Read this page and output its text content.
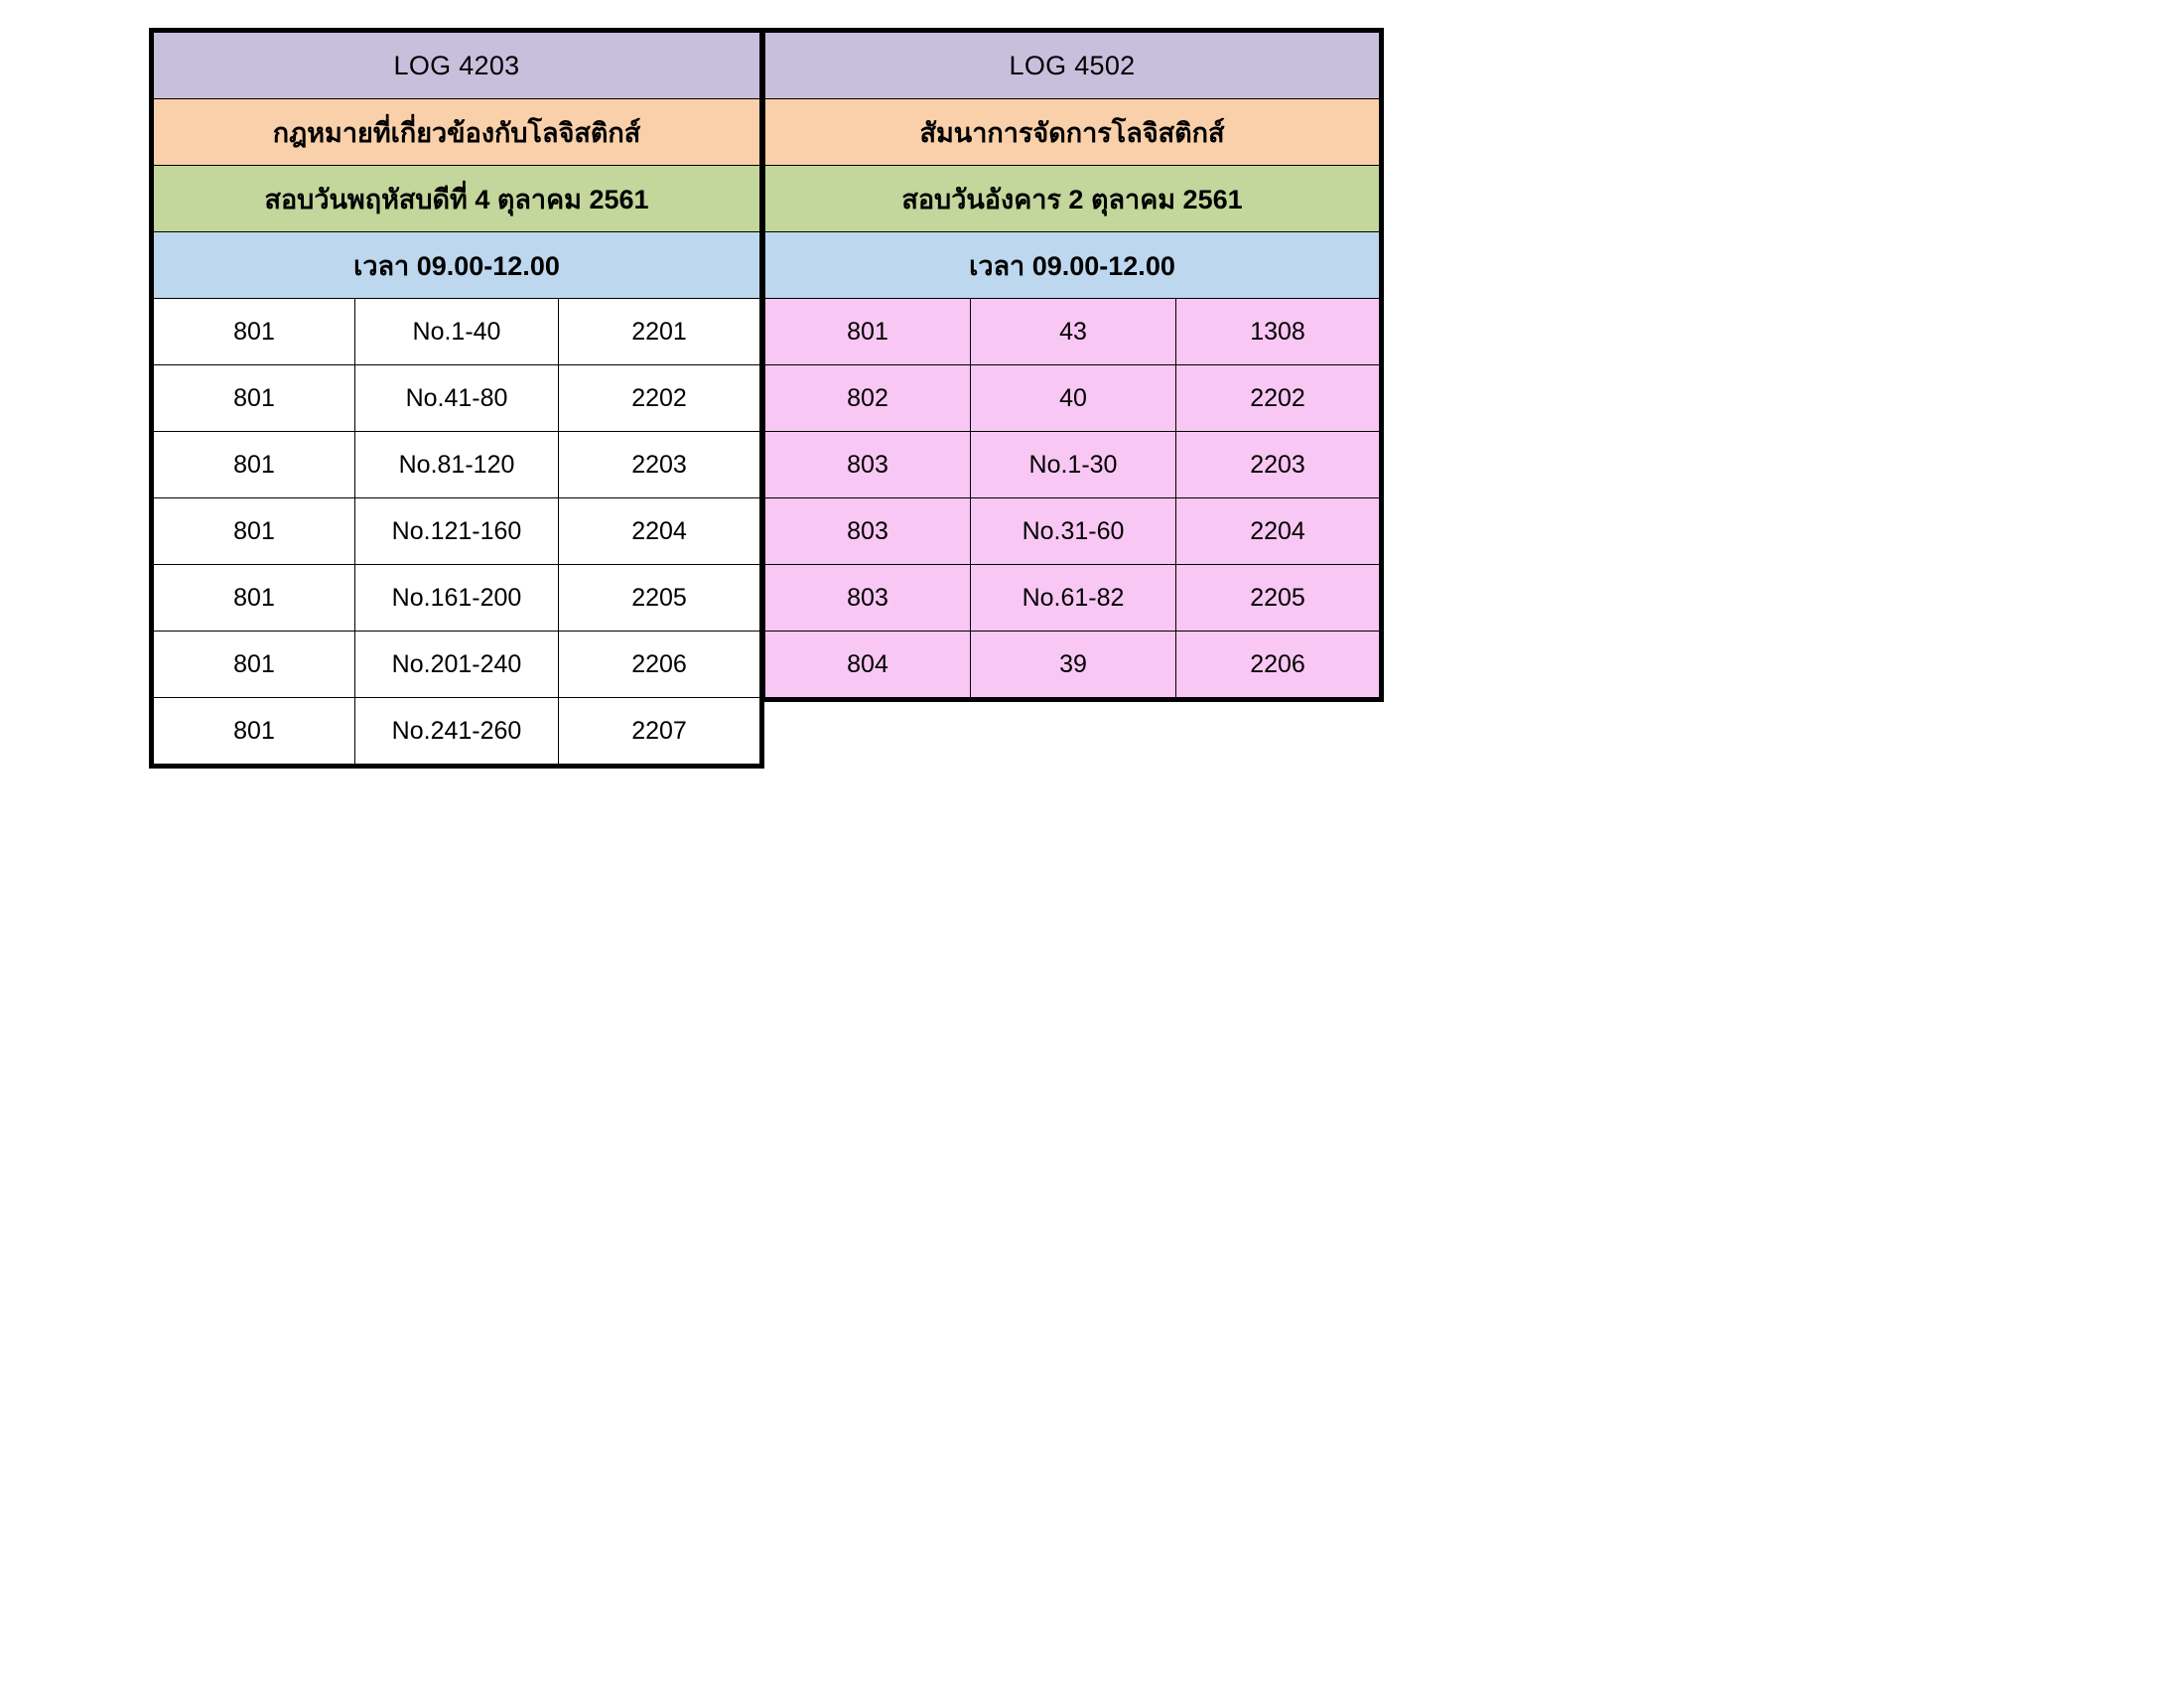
LOG 4203		
กฎหมายที่เกี่ยวข้องกับโลจิสติกส์		
สอบวันพฤหัสบดีที่ 4 ตุลาคม 2561		
เวลา 09.00-12.00		
801	No.1-40	2201
801	No.41-80	2202
801	No.81-120	2203
801	No.121-160	2204
801	No.161-200	2205
801	No.201-240	2206
801	No.241-260	2207
LOG 4502		
สัมนาการจัดการโลจิสติกส์		
สอบวันอังคาร 2 ตุลาคม 2561		
เวลา 09.00-12.00		
801	43	1308
802	40	2202
803	No.1-30	2203
803	No.31-60	2204
803	No.61-82	2205
804	39	2206
